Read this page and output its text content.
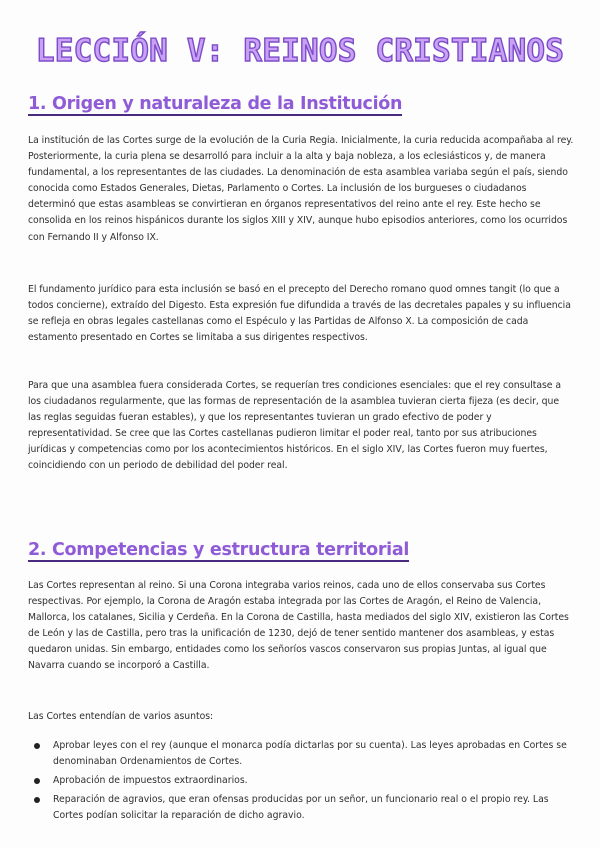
LECCIÓN V: REINOS CRISTIANOS
1. Origen y naturaleza de la Institución

La institución de las Cortes surge de la evolución de la Curia Regia. Inicialmente, la curia reducida acompañaba al rey. Posteriormente, la curia plena se desarrolló para incluir a la alta y baja nobleza, a los eclesiásticos y, de manera fundamental, a los representantes de las ciudades. La denominación de esta asamblea variaba según el país, siendo conocida como Estados Generales, Dietas, Parlamento o Cortes. La inclusión de los burgueses o ciudadanos determinó que estas asambleas se convirtieran en órganos representativos del reino ante el rey. Este hecho se consolida en los reinos hispánicos durante los siglos XIII y XIV, aunque hubo episodios anteriores, como los ocurridos con Fernando II y Alfonso IX.

El fundamento jurídico para esta inclusión se basó en el precepto del Derecho romano quod omnes tangit (lo que a todos concierne), extraído del Digesto. Esta expresión fue difundida a través de las decretales papales y su influencia se refleja en obras legales castellanas como el Espéculo y las Partidas de Alfonso X. La composición de cada estamento presentado en Cortes se limitaba a sus dirigentes respectivos.

Para que una asamblea fuera considerada Cortes, se requerían tres condiciones esenciales: que el rey consultase a los ciudadanos regularmente, que las formas de representación de la asamblea tuvieran cierta fijeza (es decir, que las reglas seguidas fueran estables), y que los representantes tuvieran un grado efectivo de poder y representatividad. Se cree que las Cortes castellanas pudieron limitar el poder real, tanto por sus atribuciones jurídicas y competencias como por los acontecimientos históricos. En el siglo XIV, las Cortes fueron muy fuertes, coincidiendo con un periodo de debilidad del poder real.

2. Competencias y estructura territorial

Las Cortes representan al reino. Si una Corona integraba varios reinos, cada uno de ellos conservaba sus Cortes respectivas. Por ejemplo, la Corona de Aragón estaba integrada por las Cortes de Aragón, el Reino de Valencia, Mallorca, los catalanes, Sicilia y Cerdeña. En la Corona de Castilla, hasta mediados del siglo XIV, existieron las Cortes de León y las de Castilla, pero tras la unificación de 1230, dejó de tener sentido mantener dos asambleas, y estas quedaron unidas. Sin embargo, entidades como los señoríos vascos conservaron sus propias Juntas, al igual que Navarra cuando se incorporó a Castilla.

Las Cortes entendían de varios asuntos:

Aprobar leyes con el rey (aunque el monarca podía dictarlas por su cuenta). Las leyes aprobadas en Cortes se denominaban Ordenamientos de Cortes.
Aprobación de impuestos extraordinarios.
Reparación de agravios, que eran ofensas producidas por un señor, un funcionario real o el propio rey. Las Cortes podían solicitar la reparación de dicho agravio.
